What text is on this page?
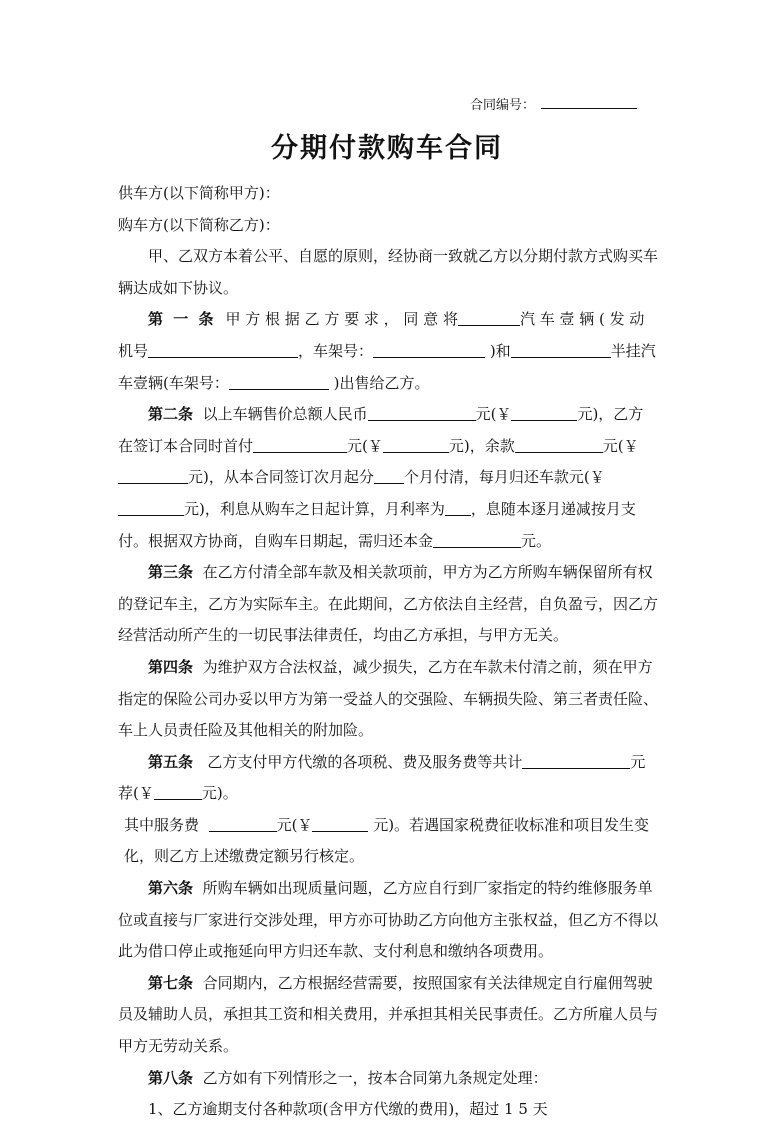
合同编号：
分期付款购车合同

供车方(以下简称甲方)：

购车方(以下简称乙方)：

甲、乙双方本着公平、自愿的原则，经协商一致就乙方以分期付款方式购买车辆达成如下协议。

第 一 条 甲 方 根 据 乙 方 要 求 ， 同 意 将	汽 车 壹 辆 ( 发 动 机号	，车架号：	)和	半挂汽车壹辆(车架号：	)出售给乙方。

第二条 以上车辆售价总额人民币	元(￥	元)，乙方在签订本合同时首付	元(￥	元)，余款	元(￥元)，从本合同签订次月起分 个月付清，每月归还车款元(￥元)，利息从购车之日起计算，月利率为 ，息随本逐月递减按月支付。根据双方协商，自购车日期起，需归还本金	元。

第三条 在乙方付清全部车款及相关款项前，甲方为乙方所购车辆保留所有权的登记车主，乙方为实际车主。在此期间，乙方依法自主经营，自负盈亏，因乙方经营活动所产生的一切民事法律责任，均由乙方承担，与甲方无关。

第四条 为维护双方合法权益，减少损失，乙方在车款未付清之前，须在甲方指定的保险公司办妥以甲方为第一受益人的交强险、车辆损失险、第三者责任险、车上人员责任险及其他相关的附加险。

第五条 乙方支付甲方代缴的各项税、费及服务费等共计	元荐(￥	元)。

其中服务费	元(￥	元)。若遇国家税费征收标准和项目发生变化，则乙方上述缴费定额另行核定。

第六条 所购车辆如出现质量问题，乙方应自行到厂家指定的特约维修服务单位或直接与厂家进行交涉处理，甲方亦可协助乙方向他方主张权益，但乙方不得以此为借口停止或拖延向甲方归还车款、支付利息和缴纳各项费用。

第七条 合同期内，乙方根据经营需要，按照国家有关法律规定自行雇佣驾驶员及辅助人员，承担其工资和相关费用，并承担其相关民事责任。乙方所雇人员与甲方无劳动关系。

第八条 乙方如有下列情形之一，按本合同第九条规定处理：

1、乙方逾期支付各种款项(含甲方代缴的费用)，超过 1 5 天
